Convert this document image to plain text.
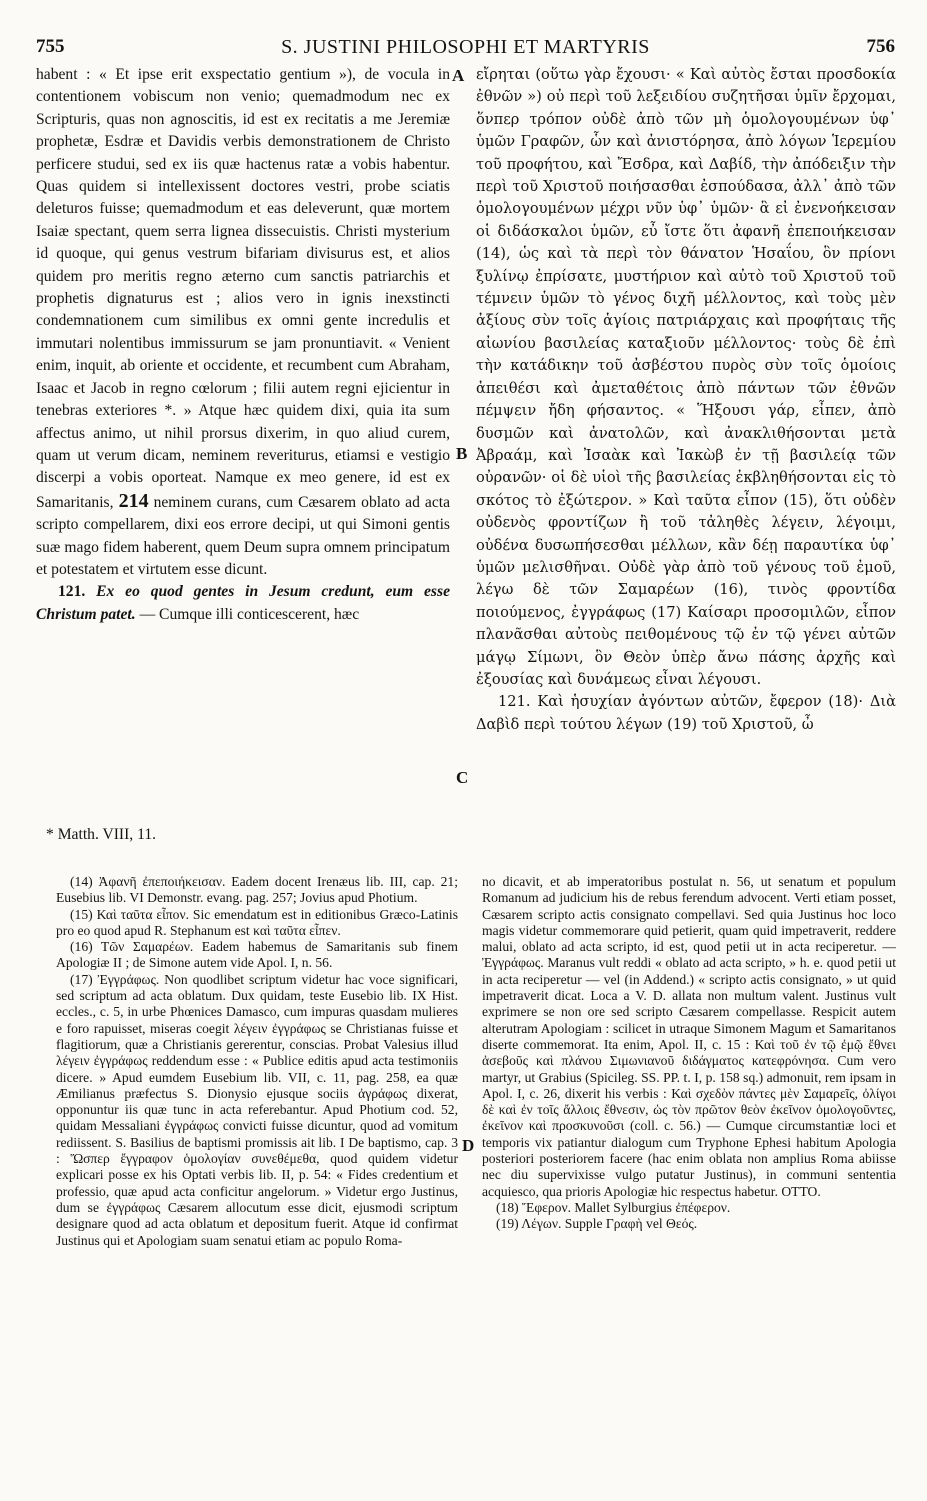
755	S. JUSTINI PHILOSOPHI ET MARTYRIS	756
A
B
C
D

habent : « Et ipse erit exspectatio gentium »), de vocula in contentionem vobiscum non venio; quemadmodum nec ex Scripturis, quas non agnoscitis, id est ex recitatis a me Jeremiæ prophetæ, Esdræ et Davidis verbis demonstrationem de Christo perficere studui, sed ex iis quæ hactenus ratæ a vobis habentur. Quas quidem si intellexissent doctores vestri, probe sciatis deleturos fuisse; quemadmodum et eas deleverunt, quæ mortem Isaiæ spectant, quem serra lignea dissecuistis. Christi mysterium id quoque, qui genus vestrum bifariam divisurus est, et alios quidem pro meritis regno æterno cum sanctis patriarchis et prophetis dignaturus est ; alios vero in ignis inexstincti condemnationem cum similibus ex omni gente incredulis et immutari nolentibus immissurum se jam pronuntiavit. « Venient enim, inquit, ab oriente et occidente, et recumbent cum Abraham, Isaac et Jacob in regno cœlorum ; filii autem regni ejicientur in tenebras exteriores *. » Atque hæc quidem dixi, quia ita sum affectus animo, ut nihil prorsus dixerim, in quo aliud curem, quam ut verum dicam, neminem reveriturus, etiamsi e vestigio discerpi a vobis oporteat. Namque ex meo genere, id est ex Samaritanis, 214 neminem curans, cum Cæsarem oblato ad acta scripto compellarem, dixi eos errore decipi, ut qui Simoni gentis suæ mago fidem haberent, quem Deum supra omnem principatum et potestatem et virtutem esse dicunt.

121. Ex eo quod gentes in Jesum credunt, eum esse Christum patet. — Cumque illi conticescerent, hæc

εἴρηται (οὕτω γὰρ ἔχουσι· « Καὶ αὐτὸς ἔσται προσδοκία ἐθνῶν ») οὐ περὶ τοῦ λεξειδίου συζητῆσαι ὑμῖν ἔρχομαι, ὅνπερ τρόπον οὐδὲ ἀπὸ τῶν μὴ ὁμολογουμένων ὑφ᾽ ὑμῶν Γραφῶν, ὧν καὶ ἀνιστόρησα, ἀπὸ λόγων Ἱερεμίου τοῦ προφήτου, καὶ Ἔσδρα, καὶ Δαβίδ, τὴν ἀπόδειξιν τὴν περὶ τοῦ Χριστοῦ ποιήσασθαι ἐσπούδασα, ἀλλ᾽ ἀπὸ τῶν ὁμολογουμένων μέχρι νῦν ὑφ᾽ ὑμῶν· ἃ εἰ ἐνενοήκεισαν οἱ διδάσκαλοι ὑμῶν, εὖ ἴστε ὅτι ἀφανῆ ἐπεποιήκεισαν (14), ὡς καὶ τὰ περὶ τὸν θάνατον Ἡσαΐου, ὃν πρίονι ξυλίνῳ ἐπρίσατε, μυστήριον καὶ αὐτὸ τοῦ Χριστοῦ τοῦ τέμνειν ὑμῶν τὸ γένος διχῆ μέλλοντος, καὶ τοὺς μὲν ἀξίους σὺν τοῖς ἁγίοις πατριάρχαις καὶ προφήταις τῆς αἰωνίου βασιλείας καταξιοῦν μέλλοντος· τοὺς δὲ ἐπὶ τὴν κατάδικην τοῦ ἀσβέστου πυρὸς σὺν τοῖς ὁμοίοις ἀπειθέσι καὶ ἀμεταθέτοις ἀπὸ πάντων τῶν ἐθνῶν πέμψειν ἤδη φήσαντος. « Ἥξουσι γάρ, εἶπεν, ἀπὸ δυσμῶν καὶ ἀνατολῶν, καὶ ἀνακλιθήσονται μετὰ Ἀβραάμ, καὶ Ἰσαὰκ καὶ Ἰακὼβ ἐν τῇ βασιλείᾳ τῶν οὐρανῶν· οἱ δὲ υἱοὶ τῆς βασιλείας ἐκβληθήσονται εἰς τὸ σκότος τὸ ἐξώτερον. » Καὶ ταῦτα εἶπον (15), ὅτι οὐδὲν οὐδενὸς φροντίζων ἢ τοῦ τἀληθὲς λέγειν, λέγοιμι, οὐδένα δυσωπήσεσθαι μέλλων, κἂν δέῃ παραυτίκα ὑφ᾽ ὑμῶν μελισθῆναι. Οὐδὲ γὰρ ἀπὸ τοῦ γένους τοῦ ἐμοῦ, λέγω δὲ τῶν Σαμαρέων (16), τινὸς φροντίδα ποιούμενος, ἐγγράφως (17) Καίσαρι προσομιλῶν, εἶπον πλανᾶσθαι αὐτοὺς πειθομένους τῷ ἐν τῷ γένει αὐτῶν μάγῳ Σίμωνι, ὃν Θεὸν ὑπὲρ ἄνω πάσης ἀρχῆς καὶ ἐξουσίας καὶ δυνάμεως εἶναι λέγουσι.

121. Καὶ ἡσυχίαν ἀγόντων αὐτῶν, ἔφερον (18)· Διὰ Δαβὶδ περὶ τούτου λέγων (19) τοῦ Χριστοῦ, ὦ

* Matth. VIII, 11.

(14) Ἀφανῆ ἐπεποιήκεισαν. Eadem docent Irenæus lib. III, cap. 21; Eusebius lib. VI Demonstr. evang. pag. 257; Jovius apud Photium.

(15) Καὶ ταῦτα εἶπον. Sic emendatum est in editionibus Græco-Latinis pro eo quod apud R. Stephanum est καὶ ταῦτα εἶπεν.

(16) Τῶν Σαμαρέων. Eadem habemus de Samaritanis sub finem Apologiæ II ; de Simone autem vide Apol. I, n. 56.

(17) Ἐγγράφως. Non quodlibet scriptum videtur hac voce significari, sed scriptum ad acta oblatum. Dux quidam, teste Eusebio lib. IX Hist. eccles., c. 5, in urbe Phœnices Damasco, cum impuras quasdam mulieres e foro rapuisset, miseras coegit λέγειν ἐγγράφως se Christianas fuisse et flagitiorum, quæ a Christianis gererentur, conscias. Probat Valesius illud λέγειν ἐγγράφως reddendum esse : « Publice editis apud acta testimoniis dicere. » Apud eumdem Eusebium lib. VII, c. 11, pag. 258, ea quæ Æmilianus præfectus S. Dionysio ejusque sociis ἀγράφως dixerat, opponuntur iis quæ tunc in acta referebantur. Apud Photium cod. 52, quidam Messaliani ἐγγράφως convicti fuisse dicuntur, quod ad vomitum rediissent. S. Basilius de baptismi promissis ait lib. I De baptismo, cap. 3 : Ὥσπερ ἔγγραφον ὁμολογίαν συνεθέμεθα, quod quidem videtur explicari posse ex his Optati verbis lib. II, p. 54: « Fides credentium et professio, quæ apud acta conficitur angelorum. » Videtur ergo Justinus, dum se ἐγγράφως Cæsarem allocutum esse dicit, ejusmodi scriptum designare quod ad acta oblatum et depositum fuerit. Atque id confirmat Justinus qui et Apologiam suam senatui etiam ac populo Roma-

no dicavit, et ab imperatoribus postulat n. 56, ut senatum et populum Romanum ad judicium his de rebus ferendum advocent. Verti etiam posset, Cæsarem scripto actis consignato compellavi. Sed quia Justinus hoc loco magis videtur commemorare quid petierit, quam quid impetraverit, reddere malui, oblato ad acta scripto, id est, quod petii ut in acta reciperetur. — Ἐγγράφως. Maranus vult reddi « oblato ad acta scripto, » h. e. quod petii ut in acta reciperetur — vel (in Addend.) « scripto actis consignato, » ut quid impetraverit dicat. Loca a V. D. allata non multum valent. Justinus vult exprimere se non ore sed scripto Cæsarem compellasse. Respicit autem alterutram Apologiam : scilicet in utraque Simonem Magum et Samaritanos diserte commemorat. Ita enim, Apol. II, c. 15 : Καὶ τοῦ ἐν τῷ ἐμῷ ἔθνει ἀσεβοῦς καὶ πλάνου Σιμωνιανοῦ διδάγματος κατεφρόνησα. Cum vero martyr, ut Grabius (Spicileg. SS. PP. t. I, p. 158 sq.) admonuit, rem ipsam in Apol. I, c. 26, dixerit his verbis : Καὶ σχεδὸν πάντες μὲν Σαμαρεῖς, ὀλίγοι δὲ καὶ ἐν τοῖς ἄλλοις ἔθνεσιν, ὡς τὸν πρῶτον θεὸν ἐκεῖνον ὁμολογοῦντες, ἐκεῖνον καὶ προσκυνοῦσι (coll. c. 56.) — Cumque circumstantiæ loci et temporis vix patiantur dialogum cum Tryphone Ephesi habitum Apologia posteriori posteriorem facere (hac enim oblata non amplius Roma abiisse nec diu supervixisse vulgo putatur Justinus), in communi sententia acquiesco, qua prioris Apologiæ hic respectus habetur. OTTO.

(18) Ἔφερον. Mallet Sylburgius ἐπέφερον.

(19) Λέγων. Supple Γραφὴ vel Θεός.
